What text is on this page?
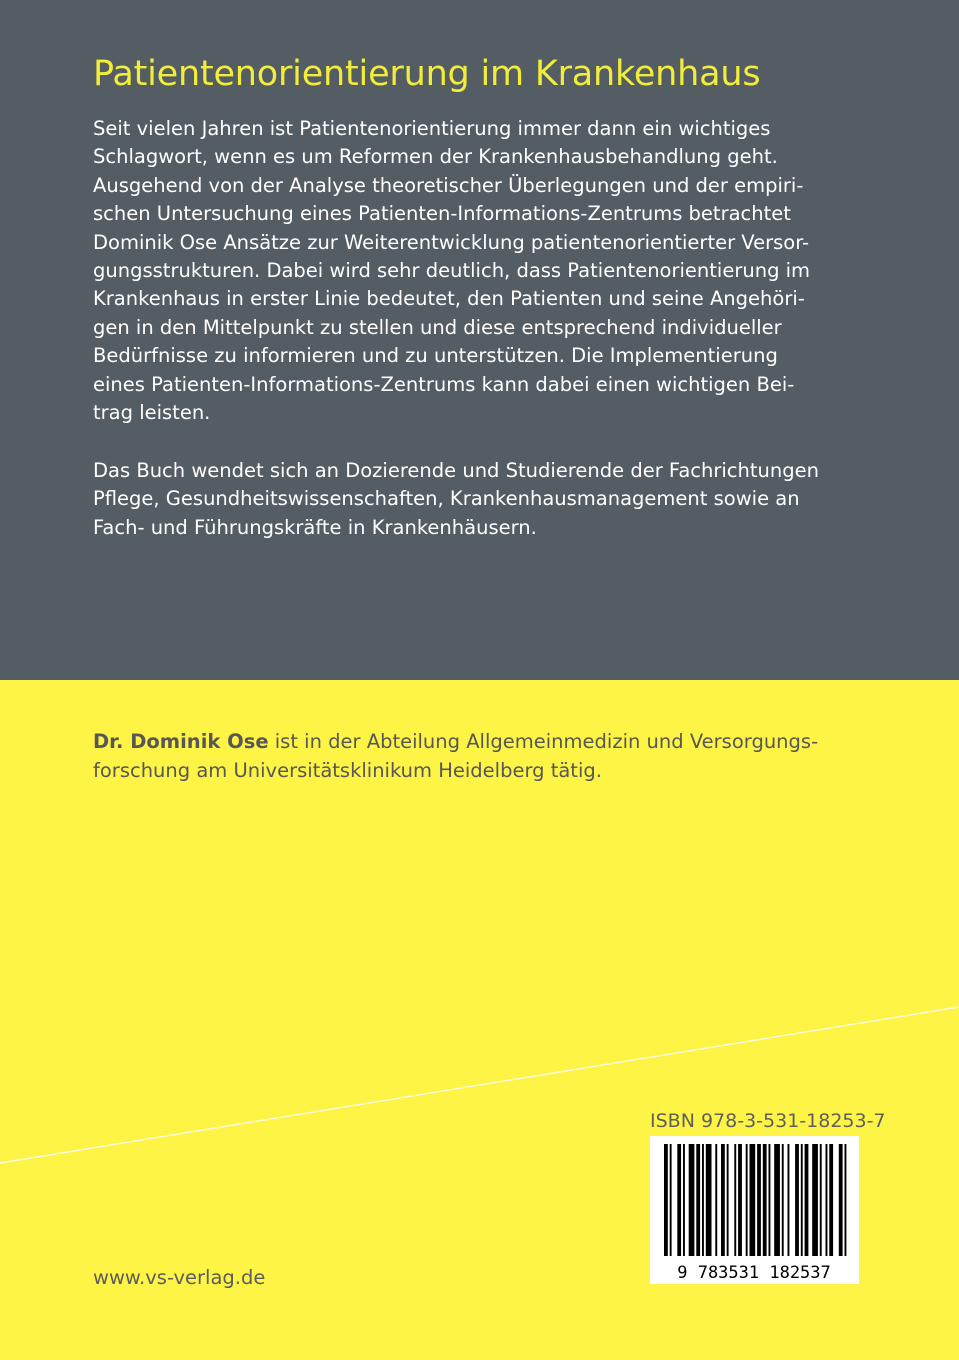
Patientenorientierung im Krankenhaus
Seit vielen Jahren ist Patientenorientierung immer dann ein wichtiges
Schlagwort, wenn es um Reformen der Krankenhausbehandlung geht.
Ausgehend von der Analyse theoretischer Überlegungen und der empiri-
schen Untersuchung eines Patienten-Informations-Zentrums betrachtet
Dominik Ose Ansätze zur Weiterentwicklung patientenorientierter Versor-
gungsstrukturen. Dabei wird sehr deutlich, dass Patientenorientierung im
Krankenhaus in erster Linie bedeutet, den Patienten und seine Angehöri-
gen in den Mittelpunkt zu stellen und diese entsprechend individueller
Bedürfnisse zu informieren und zu unterstützen. Die Implementierung
eines Patienten-Informations-Zentrums kann dabei einen wichtigen Bei-
trag leisten.
Das Buch wendet sich an Dozierende und Studierende der Fachrichtungen
Pflege, Gesundheitswissenschaften, Krankenhausmanagement sowie an
Fach- und Führungskräfte in Krankenhäusern.
Dr. Dominik Ose ist in der Abteilung Allgemeinmedizin und Versorgungs-
forschung am Universitätsklinikum Heidelberg tätig.
ISBN 978-3-531-18253-7
9 783531 182537
www.vs-verlag.de
